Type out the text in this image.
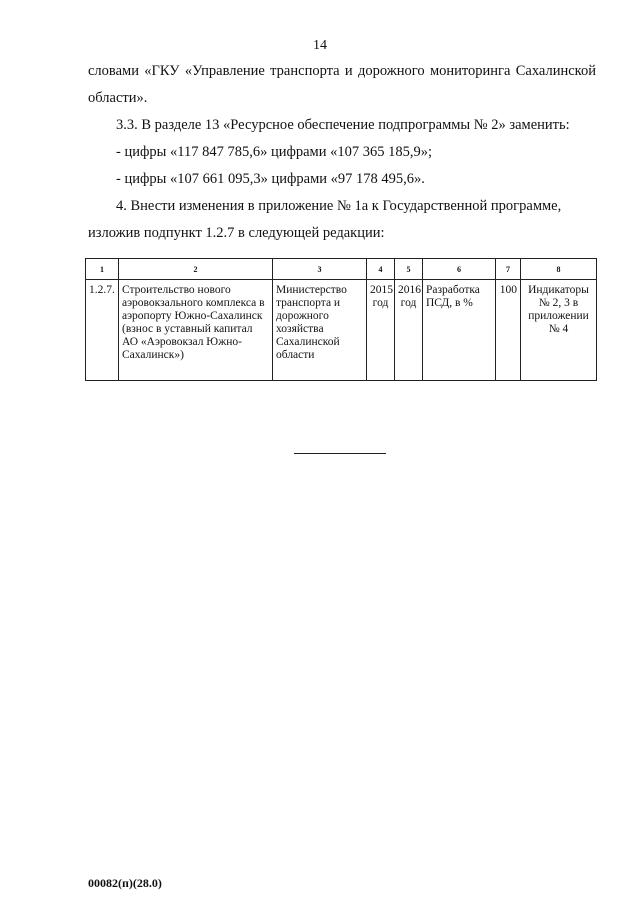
14
словами «ГКУ «Управление транспорта и дорожного мониторинга Сахалинской области».
3.3. В разделе 13 «Ресурсное обеспечение подпрограммы № 2» заменить:
- цифры «117 847 785,6» цифрами «107 365 185,9»;
- цифры «107 661 095,3» цифрами «97 178 495,6».
4. Внести изменения в приложение № 1а к Государственной программе, изложив подпункт 1.2.7 в следующей редакции:
1	2	3	4	5	6	7	8
1.2.7.	Строительство нового аэровокзального комплекса в аэропорту Южно-Сахалинск (взнос в уставный капитал АО «Аэровокзал Южно-Сахалинск»)	Министерство транспорта и дорожного хозяйства Сахалинской области	2015 год	2016 год	Разработка ПСД, в %	100	Индикаторы № 2, 3 в приложении № 4
00082(п)(28.0)
